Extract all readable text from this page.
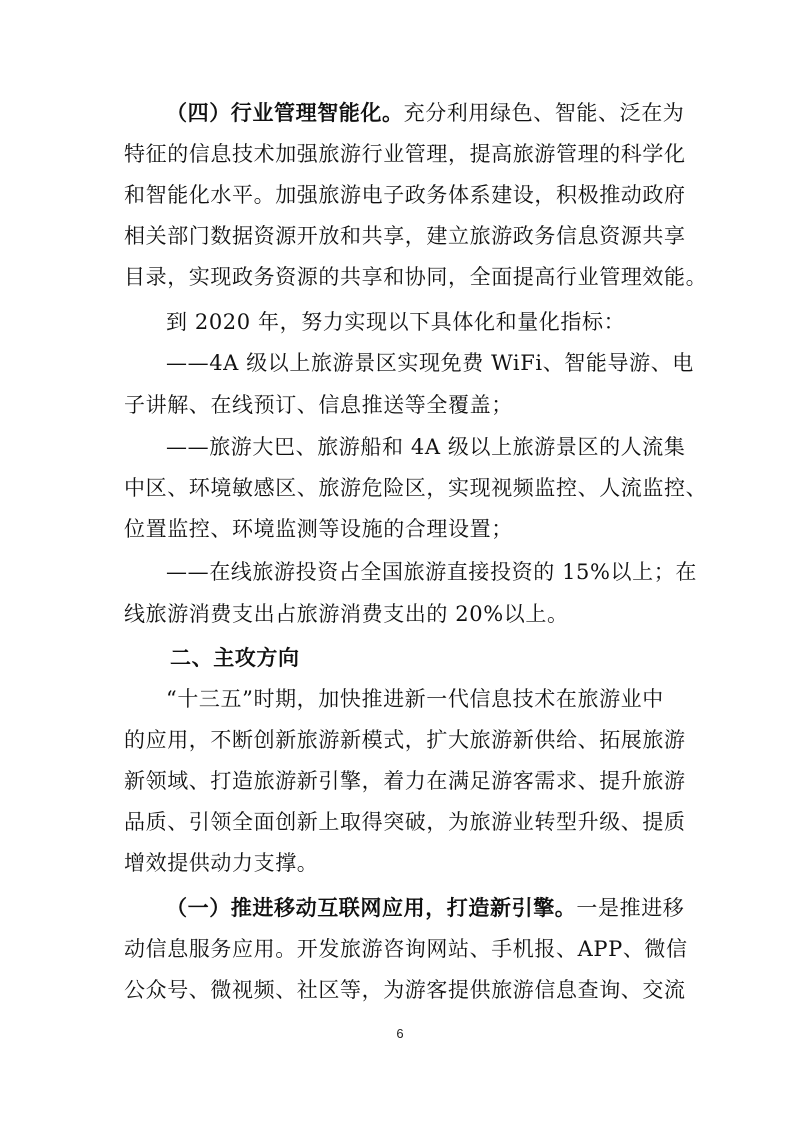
（四）行业管理智能化。充分利用绿色、智能、泛在为
特征的信息技术加强旅游行业管理，提高旅游管理的科学化
和智能化水平。加强旅游电子政务体系建设，积极推动政府
相关部门数据资源开放和共享，建立旅游政务信息资源共享
目录，实现政务资源的共享和协同，全面提高行业管理效能。
到 2020 年，努力实现以下具体化和量化指标：
——4A 级以上旅游景区实现免费 WiFi、智能导游、电
子讲解、在线预订、信息推送等全覆盖；
——旅游大巴、旅游船和 4A 级以上旅游景区的人流集
中区、环境敏感区、旅游危险区，实现视频监控、人流监控、
位置监控、环境监测等设施的合理设置；
——在线旅游投资占全国旅游直接投资的 15%以上；在
线旅游消费支出占旅游消费支出的 20%以上。
二、主攻方向
“十三五”时期，加快推进新一代信息技术在旅游业中
的应用，不断创新旅游新模式，扩大旅游新供给、拓展旅游
新领域、打造旅游新引擎，着力在满足游客需求、提升旅游
品质、引领全面创新上取得突破，为旅游业转型升级、提质
增效提供动力支撑。
（一）推进移动互联网应用，打造新引擎。一是推进移
动信息服务应用。开发旅游咨询网站、手机报、APP、微信
公众号、微视频、社区等，为游客提供旅游信息查询、交流
6
